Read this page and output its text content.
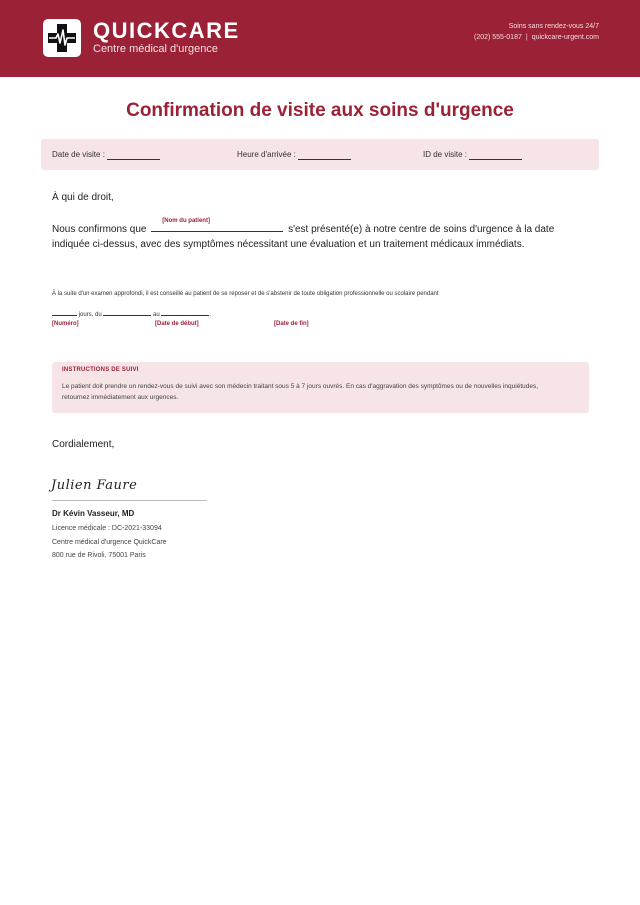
QUICKCARE
Centre médical d'urgence
Soins sans rendez-vous 24/7
(202) 555-0187 | quickcare-urgent.com
Confirmation de visite aux soins d'urgence
Date de visite :	Heure d'arrivée :	ID de visite :
À qui de droit,
Nous confirmons que
[Nom du patient]
s'est présenté(e) à notre centre de soins d'urgence à la date indiquée ci-dessus, avec des symptômes nécessitant une évaluation et un traitement médicaux immédiats.
À la suite d'un examen approfondi, il est conseillé au patient de se reposer et de s'abstenir de toute obligation professionnelle ou scolaire pendant
jours, du	au	.
[Numéro]	[Date de début]	[Date de fin]
INSTRUCTIONS DE SUIVI
Le patient doit prendre un rendez-vous de suivi avec son médecin traitant sous 5 à 7 jours ouvrés. En cas d'aggravation des symptômes ou de nouvelles inquiétudes, retournez immédiatement aux urgences.
Cordialement,
Julien Faure
Dr Kévin Vasseur, MD
Licence médicale : DC-2021-33094
Centre médical d'urgence QuickCare
800 rue de Rivoli, 75001 Paris
